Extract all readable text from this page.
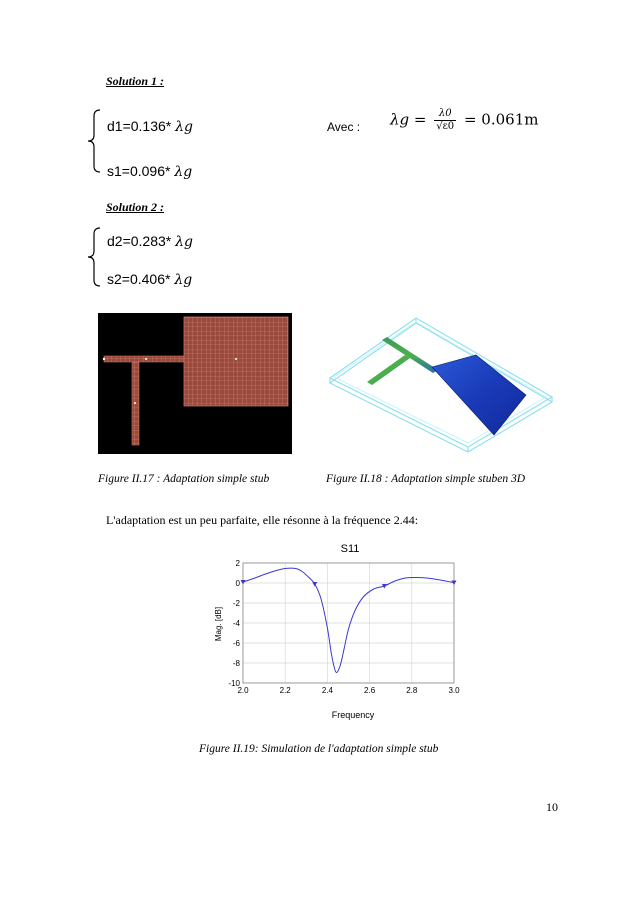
Solution 1 :
d1=0.136* λg
s1=0.096* λg
Avec : $\lambda g = \frac{\lambda 0}{√\varepsilon 0} = 0.061m$
Solution 2 :
d2=0.283* λg
s2=0.406* λg
Figure II.17 : Adaptation simple stub	Figure II.18 : Adaptation simple stuben 3D
L'adaptation est un peu parfaite, elle résonne à la fréquence 2.44:
S11
Mag. [dB]
Frequency
2.0	2.2	2.4	2.6	2.8	3.0
2
0
-2
-4
-6
-8
-10
Figure II.19: Simulation de l'adaptation simple stub
10
